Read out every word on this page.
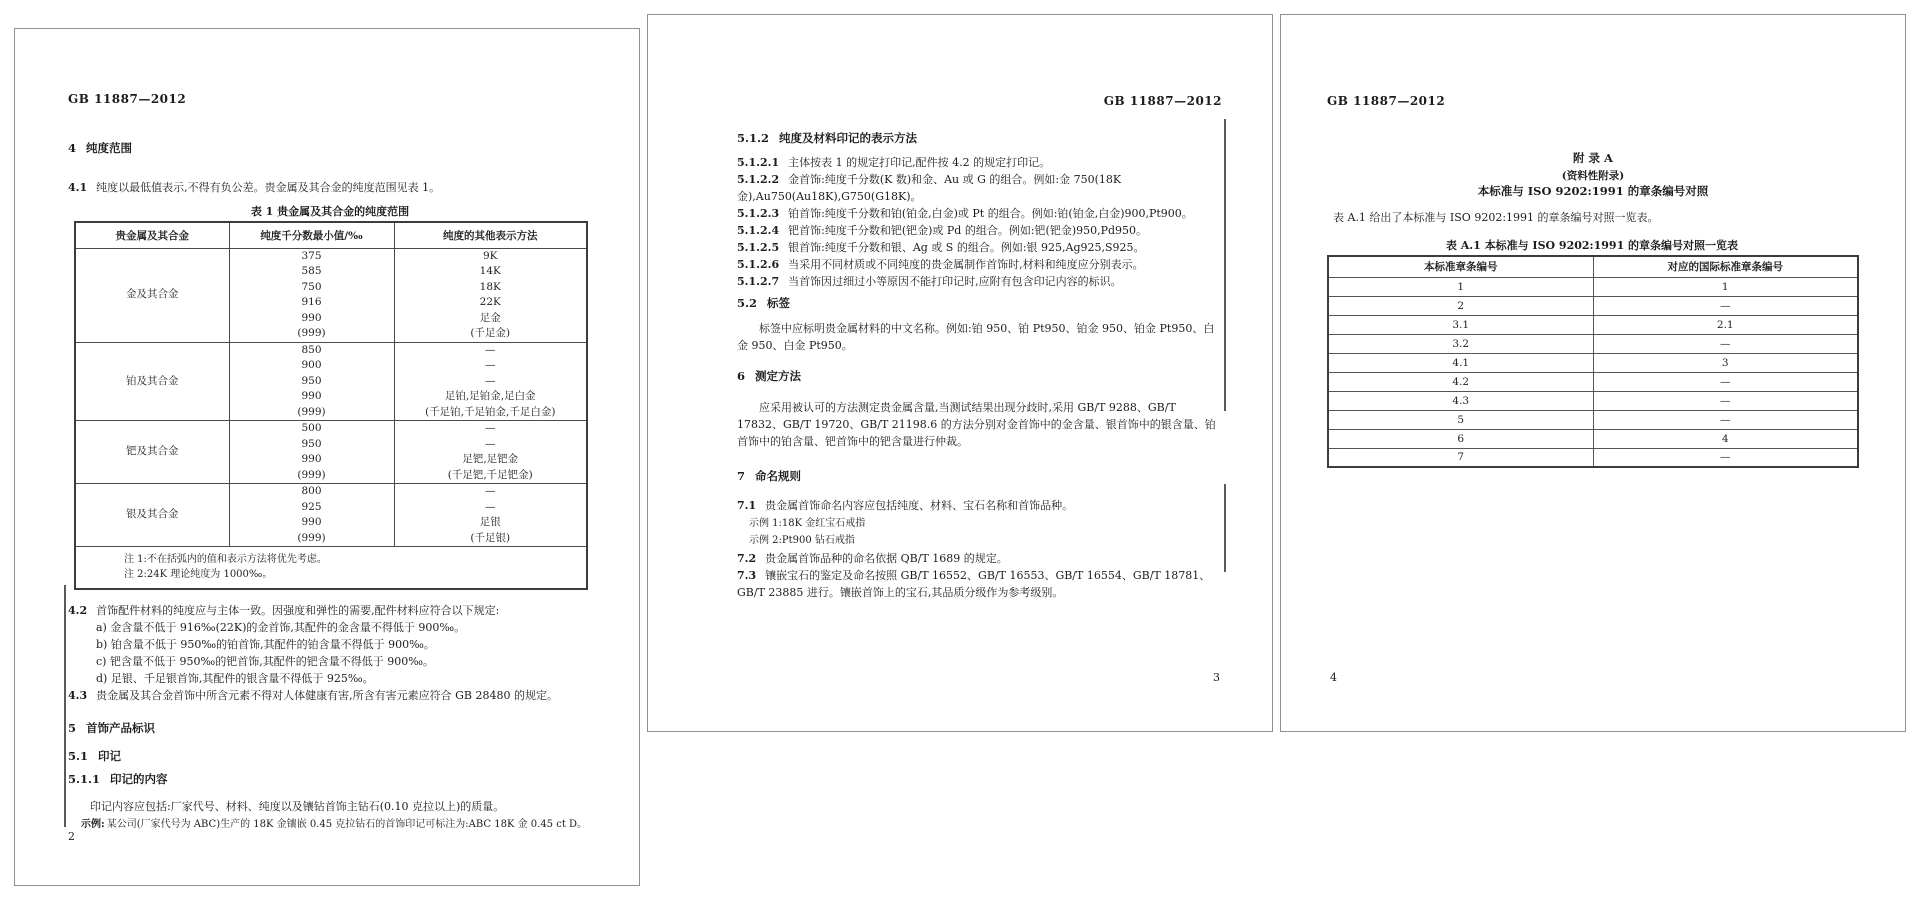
GB 11887—2012
4 纯度范围

4.1 纯度以最低值表示,不得有负公差。贵金属及其合金的纯度范围见表 1。

表 1 贵金属及其合金的纯度范围
贵金属及其合金	纯度千分数最小值/‰	纯度的其他表示方法
金及其合金	375	9K
	585	14K
	750	18K
	916	22K
	990	足金
	(999)	(千足金)
铂及其合金	850	—
	900	—
	950	—
	990	足铂,足铂金,足白金
	(999)	(千足铂,千足铂金,千足白金)
钯及其合金	500	—
	950	—
	990	足钯,足钯金
	(999)	(千足钯,千足钯金)
银及其合金	800	—
	925	—
	990	足银
	(999)	(千足银)

注 1:不在括弧内的值和表示方法将优先考虑。
注 2:24K 理论纯度为 1000‰。		

4.2 首饰配件材料的纯度应与主体一致。因强度和弹性的需要,配件材料应符合以下规定:

a) 金含量不低于 916‰(22K)的金首饰,其配件的金含量不得低于 900‰。

b) 铂含量不低于 950‰的铂首饰,其配件的铂含量不得低于 900‰。

c) 钯含量不低于 950‰的钯首饰,其配件的钯含量不得低于 900‰。

d) 足银、千足银首饰,其配件的银含量不得低于 925‰。

4.3 贵金属及其合金首饰中所含元素不得对人体健康有害,所含有害元素应符合 GB 28480 的规定。

5 首饰产品标识
5.1 印记
5.1.1 印记的内容

印记内容应包括:厂家代号、材料、纯度以及镶钻首饰主钻石(0.10 克拉以上)的质量。

示例: 某公司(厂家代号为 ABC)生产的 18K 金镶嵌 0.45 克拉钻石的首饰印记可标注为:ABC 18K 金 0.45 ct D。

2
GB 11887—2012
5.1.2 纯度及材料印记的表示方法

5.1.2.1 主体按表 1 的规定打印记,配件按 4.2 的规定打印记。

5.1.2.2 金首饰:纯度千分数(K 数)和金、Au 或 G 的组合。例如:金 750(18K 金),Au750(Au18K),G750(G18K)。

5.1.2.3 铂首饰:纯度千分数和铂(铂金,白金)或 Pt 的组合。例如:铂(铂金,白金)900,Pt900。

5.1.2.4 钯首饰:纯度千分数和钯(钯金)或 Pd 的组合。例如:钯(钯金)950,Pd950。

5.1.2.5 银首饰:纯度千分数和银、Ag 或 S 的组合。例如:银 925,Ag925,S925。

5.1.2.6 当采用不同材质或不同纯度的贵金属制作首饰时,材料和纯度应分别表示。

5.1.2.7 当首饰因过细过小等原因不能打印记时,应附有包含印记内容的标识。

5.2 标签

标签中应标明贵金属材料的中文名称。例如:铂 950、铂 Pt950、铂金 950、铂金 Pt950、白金 950、白金 Pt950。

6 测定方法

应采用被认可的方法测定贵金属含量,当测试结果出现分歧时,采用 GB/T 9288、GB/T 17832、GB/T 19720、GB/T 21198.6 的方法分别对金首饰中的金含量、银首饰中的银含量、铂首饰中的铂含量、钯首饰中的钯含量进行仲裁。

7 命名规则

7.1 贵金属首饰命名内容应包括纯度、材料、宝石名称和首饰品种。

示例 1:18K 金红宝石戒指

示例 2:Pt900 钻石戒指

7.2 贵金属首饰品种的命名依据 QB/T 1689 的规定。

7.3 镶嵌宝石的鉴定及命名按照 GB/T 16552、GB/T 16553、GB/T 16554、GB/T 18781、GB/T 23885 进行。镶嵌首饰上的宝石,其品质分级作为参考级别。

3
GB 11887—2012
附 录 A
(资料性附录)
本标准与 ISO 9202:1991 的章条编号对照

表 A.1 给出了本标准与 ISO 9202:1991 的章条编号对照一览表。

表 A.1 本标准与 ISO 9202:1991 的章条编号对照一览表
本标准章条编号	对应的国际标准章条编号
1	1
2	—
3.1	2.1
3.2	—
4.1	3
4.2	—
4.3	—
5	—
6	4
7	—
4
